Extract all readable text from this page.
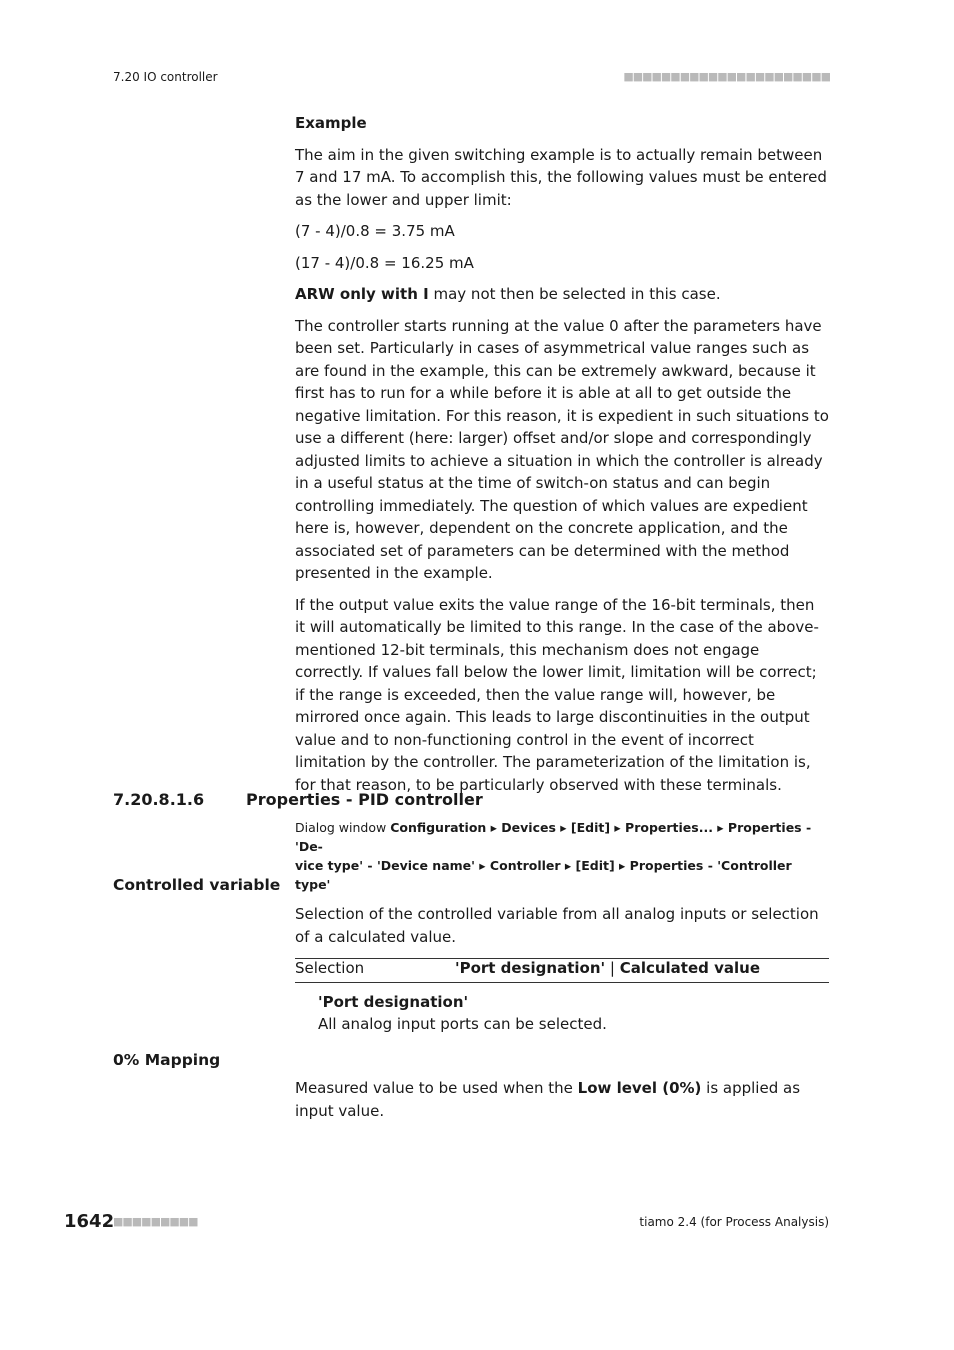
7.20 IO controller	■■■■■■■■■■■■■■■■■■■■■■

Example

The aim in the given switching example is to actually remain between 7 and 17 mA. To accomplish this, the following values must be entered as the lower and upper limit:

(7 - 4)/0.8 = 3.75 mA

(17 - 4)/0.8 = 16.25 mA

ARW only with I may not then be selected in this case.

The controller starts running at the value 0 after the parameters have been set. Particularly in cases of asymmetrical value ranges such as are found in the example, this can be extremely awkward, because it first has to run for a while before it is able at all to get outside the negative limitation. For this reason, it is expedient in such situations to use a different (here: larger) offset and/or slope and correspondingly adjusted limits to achieve a situation in which the controller is already in a useful status at the time of switch-on status and can begin controlling immediately. The question of which values are expedient here is, however, dependent on the concrete application, and the associated set of parameters can be determined with the method presented in the example.

If the output value exits the value range of the 16-bit terminals, then it will automatically be limited to this range. In the case of the above-mentioned 12-bit terminals, this mechanism does not engage correctly. If values fall below the lower limit, limitation will be correct; if the range is exceeded, then the value range will, however, be mirrored once again. This leads to large discontinuities in the output value and to non-functioning control in the event of incorrect limitation by the controller. The parameterization of the limitation is, for that reason, to be particularly observed with these terminals.

7.20.8.1.6	Properties - PID controller
Dialog window Configuration ▸ Devices ▸ [Edit] ▸ Properties... ▸ Properties - 'De-
vice type' - 'Device name' ▸ Controller ▸ [Edit] ▸ Properties - 'Controller type'
Controlled variable
Selection of the controlled variable from all analog inputs or selection of a calculated value.
Selection	'Port designation' | Calculated value
'Port designation'
All analog input ports can be selected.
0% Mapping
Measured value to be used when the Low level (0%) is applied as input value.
1642
■■■■■■■■■	tiamo 2.4 (for Process Analysis)
